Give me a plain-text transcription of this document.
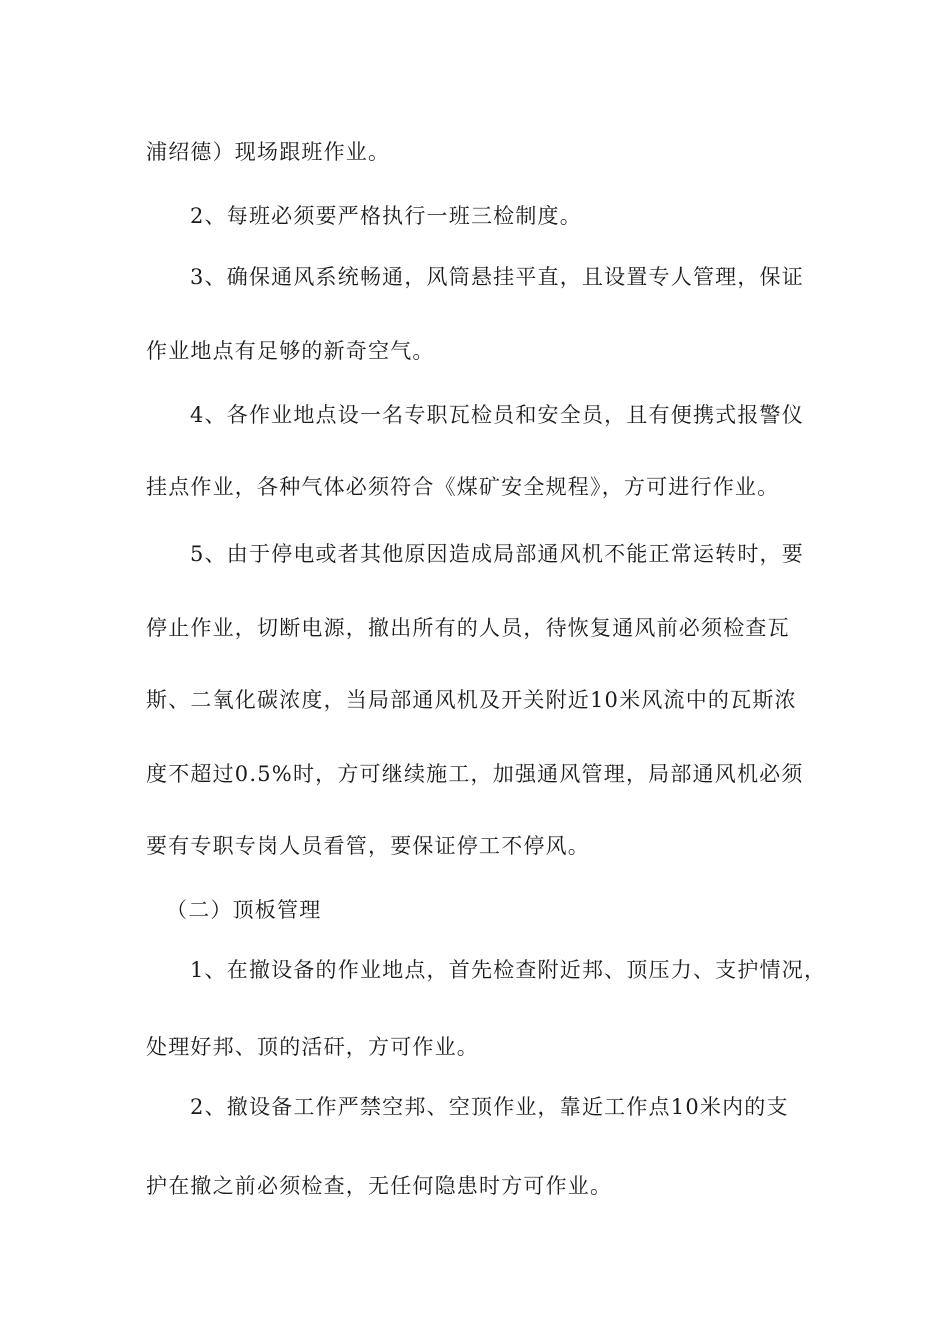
浦绍德）现场跟班作业。
2、每班必须要严格执行一班三检制度。
3、确保通风系统畅通，风筒悬挂平直，且设置专人管理，保证
作业地点有足够的新奇空气。
4、各作业地点设一名专职瓦检员和安全员，且有便携式报警仪
挂点作业，各种气体必须符合《煤矿安全规程》，方可进行作业。
5、由于停电或者其他原因造成局部通风机不能正常运转时，要
停止作业，切断电源，撤出所有的人员，待恢复通风前必须检查瓦
斯、二氧化碳浓度，当局部通风机及开关附近10米风流中的瓦斯浓
度不超过0.5%时，方可继续施工，加强通风管理，局部通风机必须
要有专职专岗人员看管，要保证停工不停风。
（二）顶板管理
1、在撤设备的作业地点，首先检查附近邦、顶压力、支护情况，
处理好邦、顶的活矸，方可作业。
2、撤设备工作严禁空邦、空顶作业，靠近工作点10米内的支
护在撤之前必须检查，无任何隐患时方可作业。
